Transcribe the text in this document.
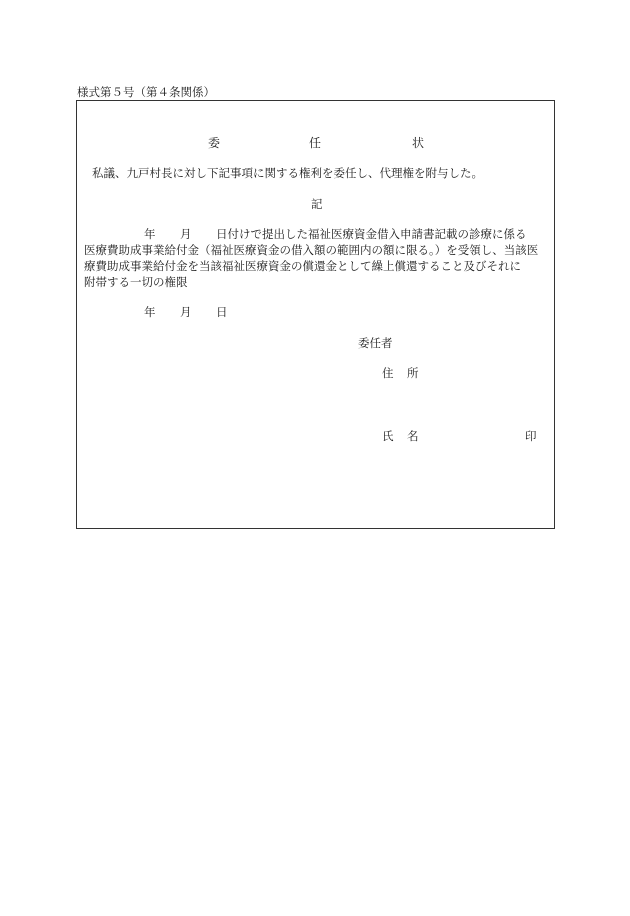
様式第５号（第４条関係）
委	任	状
私議、九戸村長に対し下記事項に関する権利を委任し、代理権を附与した。
記
年 月 日付けで提出した福祉医療資金借入申請書記載の診療に係る
医療費助成事業給付金（福祉医療資金の借入額の範囲内の額に限る。）を受領し、当該医
療費助成事業給付金を当該福祉医療資金の償還金として繰上償還すること及びそれに
附帯する一切の権限
年 月 日
委任者
住 所
氏 名	印
